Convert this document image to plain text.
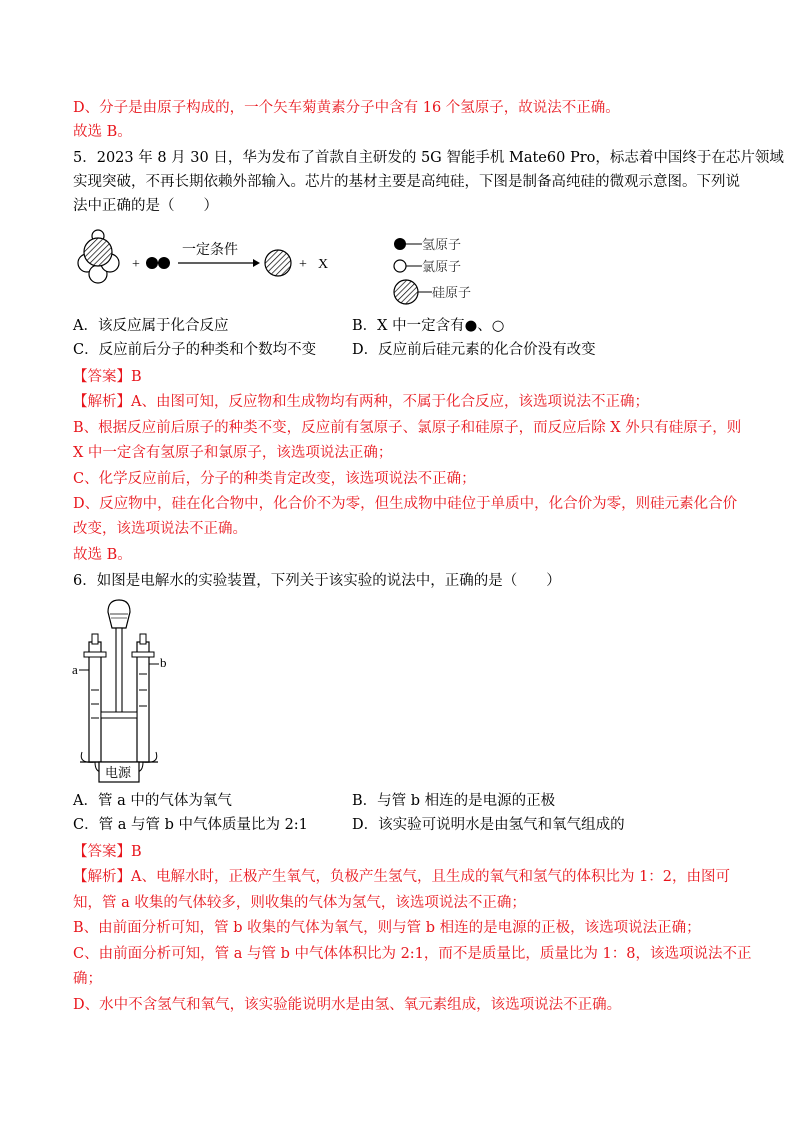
D、分子是由原子构成的，一个矢车菊黄素分子中含有 16 个氢原子，故说法不正确。
故选 B。
5．2023 年 8 月 30 日，华为发布了首款自主研发的 5G 智能手机 Mate60 Pro，标志着中国终于在芯片领域
实现突破，不再长期依赖外部输入。芯片的基材主要是高纯硅，下图是制备高纯硅的微观示意图。下列说
法中正确的是（　　）
+
一定条件
+ X
氢原子
氯原子
硅原子
A．该反应属于化合反应	B．X 中一定含有●、○
C．反应前后分子的种类和个数均不变 D．反应前后硅元素的化合价没有改变
【答案】B
【解析】A、由图可知，反应物和生成物均有两种，不属于化合反应，该选项说法不正确；
B、根据反应前后原子的种类不变，反应前有氢原子、氯原子和硅原子，而反应后除 X 外只有硅原子，则
X 中一定含有氢原子和氯原子，该选项说法正确；
C、化学反应前后，分子的种类肯定改变，该选项说法不正确；
D、反应物中，硅在化合物中，化合价不为零，但生成物中硅位于单质中，化合价为零，则硅元素化合价
改变，该选项说法不正确。
故选 B。
6．如图是电解水的实验装置，下列关于该实验的说法中，正确的是（　　）
a	b
电源
A．管 a 中的气体为氧气	B．与管 b 相连的是电源的正极
C．管 a 与管 b 中气体质量比为 2:1	D．该实验可说明水是由氢气和氧气组成的
【答案】B
【解析】A、电解水时，正极产生氧气，负极产生氢气，且生成的氧气和氢气的体积比为 1：2，由图可
知，管 a 收集的气体较多，则收集的气体为氢气，该选项说法不正确；
B、由前面分析可知，管 b 收集的气体为氧气，则与管 b 相连的是电源的正极，该选项说法正确；
C、由前面分析可知，管 a 与管 b 中气体体积比为 2:1，而不是质量比，质量比为 1：8，该选项说法不正
确；
D、水中不含氢气和氧气，该实验能说明水是由氢、氧元素组成，该选项说法不正确。
